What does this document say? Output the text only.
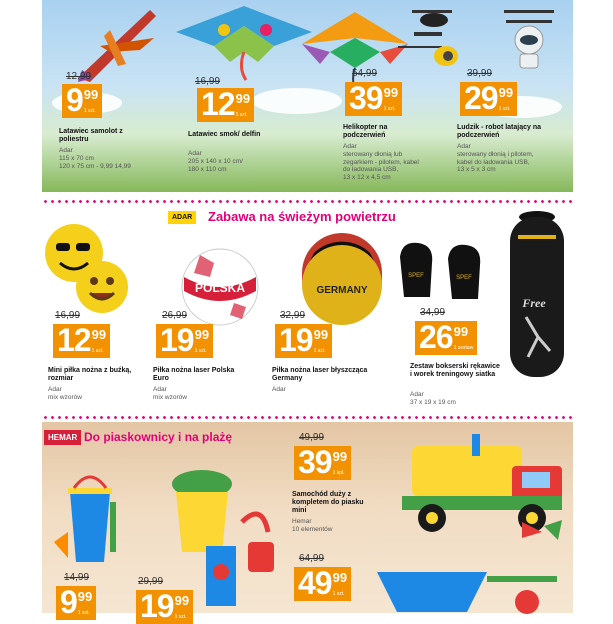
12,99
9 99
1 szt.
Latawiec samolot z poliestru
Adar
115 x 70 cm
120 x 75 cm - 9,99 14,99
16,99
12 99
1 szt.
Latawiec smok/ delfin
Adar
205 x 140 x 10 cm/
180 x 110 cm
54,99
39 99
1 szt.
Helikopter na podczerwień
Adar
sterowany dłonią lub
zegarkiem - pilotem, kabel
do ładowania USB,
13 x 12 x 4,5 cm
39,99
29 99
1 szt.
Ludzik - robot latający na podczerwień
Adar
sterowany dłonią i pilotem,
kabel do ładowania USB,
13 x 5 x 3 cm
ADAR	Zabawa na świeżym powietrzu
POLSKA	GERMANY
SPEF	SPEF
Free
16,99
12 99
1 szt.
Mini piłka nożna z buźką, rozmiar
Adar
mix wzorów
26,99
19 99
1 szt.
Piłka nożna laser Polska Euro
Adar
mix wzorów
32,99
19 99
1 szt.
Piłka nożna laser błyszcząca Germany
Adar
34,99
26 99
1 zestaw
Zestaw bokserski rękawice i worek treningowy siatka
Adar
37 x 19 x 19 cm
HEMAR Do piaskownicy i na plażę	49,99
39 99
1 kpl.
Samochód duży z kompletem do piasku mini
Hemar
10 elementów
14,99
9 99
1 szt.
29,99
19 99
1 szt.
64,99
49 99
1 szt.
